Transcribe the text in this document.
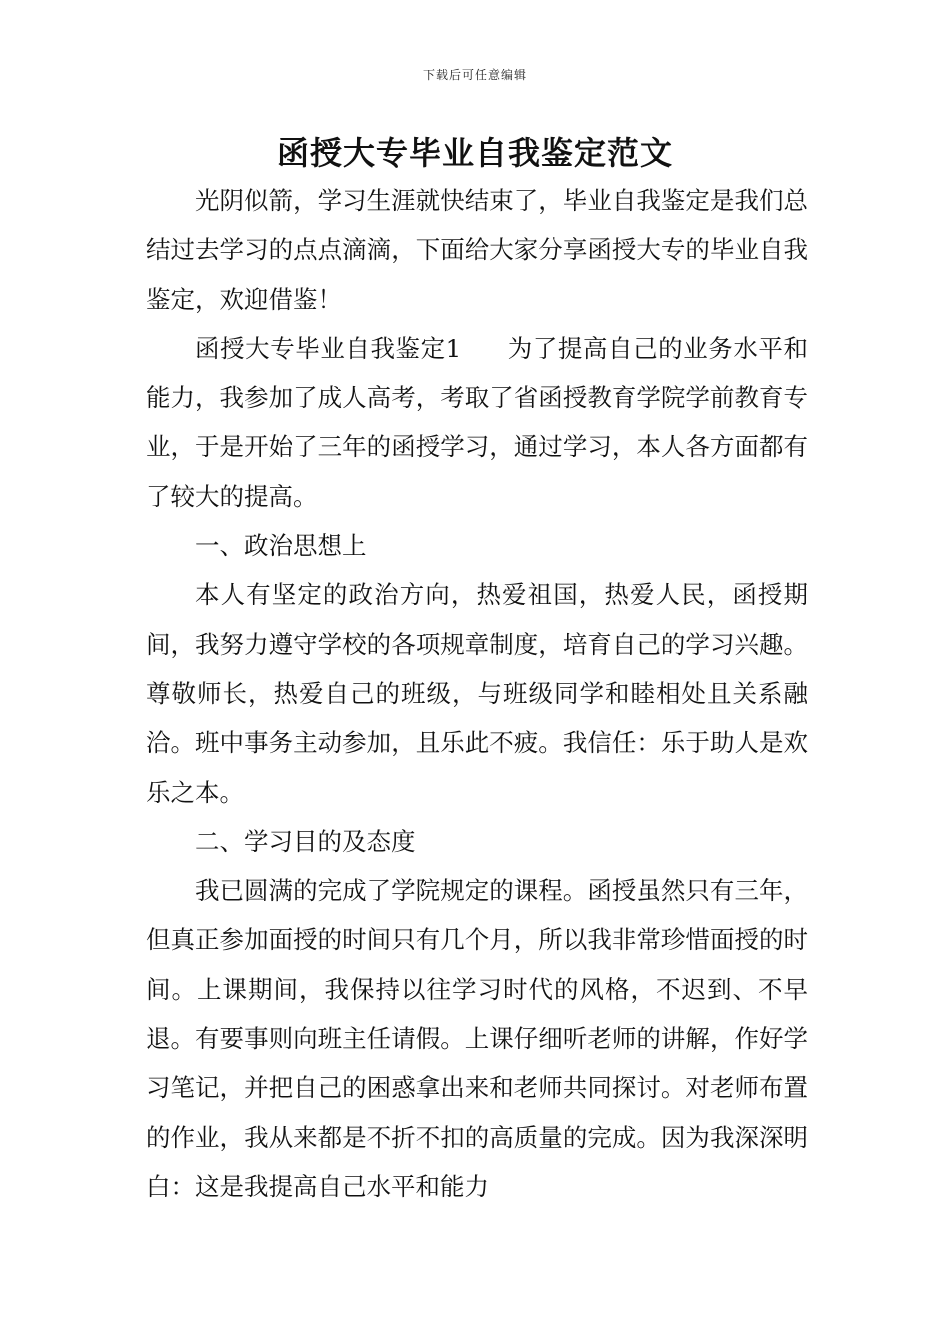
下载后可任意编辑
函授大专毕业自我鉴定范文

光阴似箭，学习生涯就快结束了，毕业自我鉴定是我们总结过去学习的点点滴滴，下面给大家分享函授大专的毕业自我鉴定，欢迎借鉴！

函授大专毕业自我鉴定1 为了提高自己的业务水平和能力，我参加了成人高考，考取了省函授教育学院学前教育专业，于是开始了三年的函授学习，通过学习，本人各方面都有了较大的提高。

一、政治思想上

本人有坚定的政治方向，热爱祖国，热爱人民，函授期间，我努力遵守学校的各项规章制度，培育自己的学习兴趣。尊敬师长，热爱自己的班级，与班级同学和睦相处且关系融洽。班中事务主动参加，且乐此不疲。我信任：乐于助人是欢乐之本。

二、学习目的及态度

我已圆满的完成了学院规定的课程。函授虽然只有三年，但真正参加面授的时间只有几个月，所以我非常珍惜面授的时间。上课期间，我保持以往学习时代的风格，不迟到、不早退。有要事则向班主任请假。上课仔细听老师的讲解，作好学习笔记，并把自己的困惑拿出来和老师共同探讨。对老师布置的作业，我从来都是不折不扣的高质量的完成。因为我深深明白：这是我提高自己水平和能力
